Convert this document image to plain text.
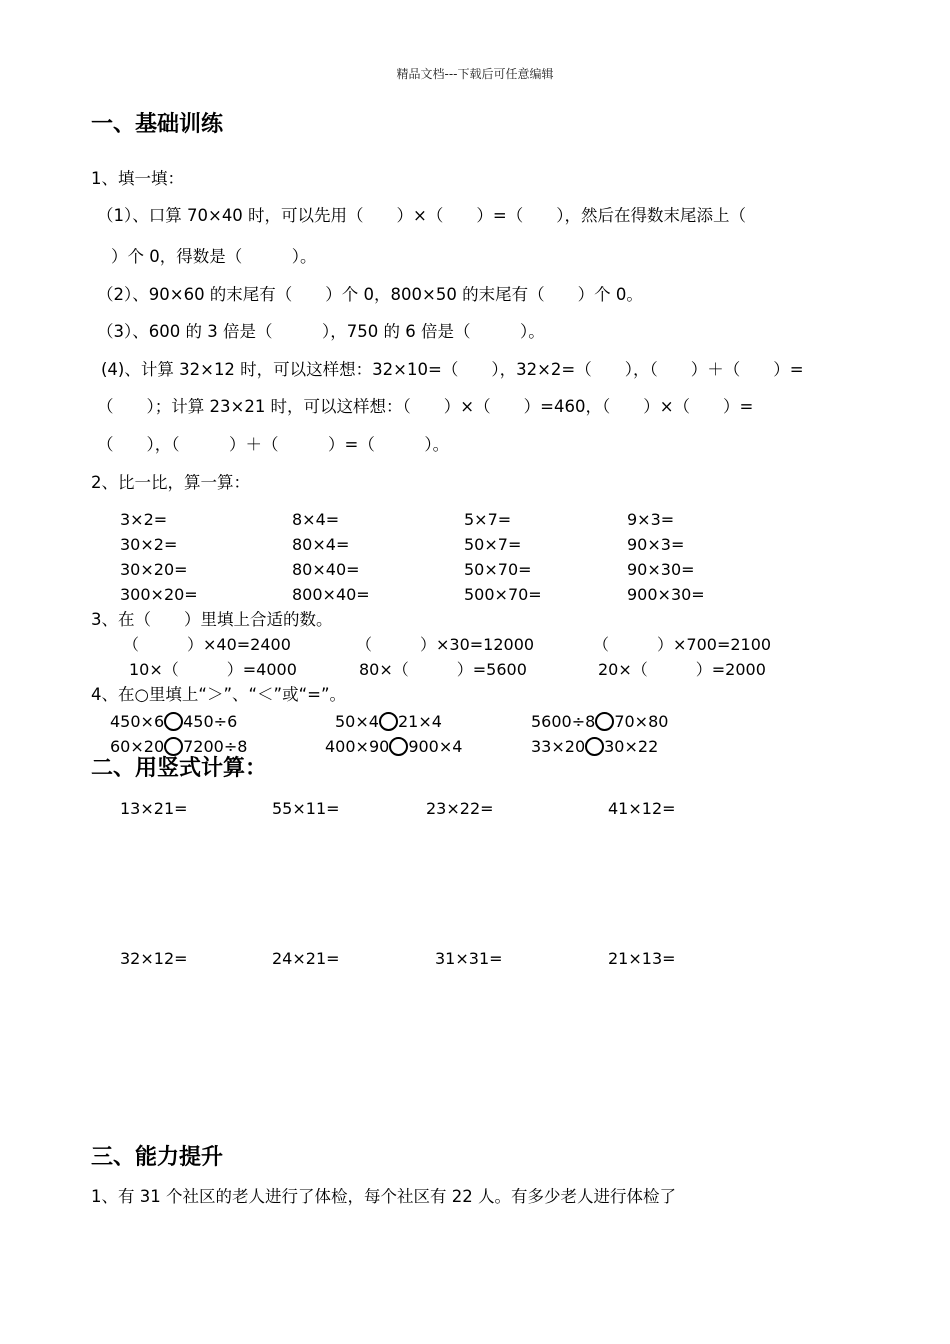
精品文档---下载后可任意编辑
一、基础训练
1、填一填：
（1）、口算 70×40 时，可以先用（　　）×（　　）=（　　），然后在得数末尾添上（
）个 0，得数是（　　　）。
（2）、90×60 的末尾有（　　）个 0，800×50 的末尾有（　　）个 0。
（3）、600 的 3 倍是（　　　），750 的 6 倍是（　　　）。
(4)、计算 32×12 时，可以这样想：32×10=（　　），32×2=（　　），（　　）＋（　　）=
（　　）；计算 23×21 时，可以这样想：（　　）×（　　）=460，（　　）×（　　）=
（　　），（　　　）＋（　　　）=（　　　）。
2、比一比，算一算：
3×2=	8×4=	5×7=	9×3=
30×2=	80×4=	50×7=	90×3=
30×20=	80×40=	50×70=	90×30=
300×20=	800×40=	500×70=	900×30=
3、在（　　）里填上合适的数。
（　　　）×40=2400	（　　　）×30=12000	（　　　）×700=2100
10×（　　　）=4000	80×（　　　）=5600	20×（　　　）=2000
4、在○里填上“＞”、“＜”或“=”。
450×6 450÷6	50×4 21×4	5600÷8 70×80
60×20 7200÷8	400×90 900×4	33×20 30×22
二、用竖式计算：
13×21=	55×11=	23×22=	41×12=
32×12=	24×21=	31×31=	21×13=
三、能力提升
1、有 31 个社区的老人进行了体检，每个社区有 22 人。有多少老人进行体检了
